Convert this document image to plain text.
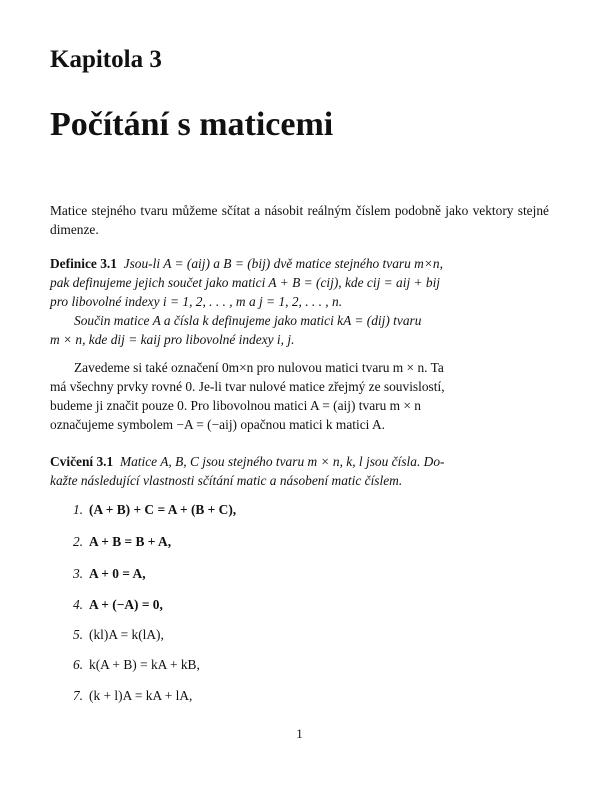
Kapitola 3
Počítání s maticemi
Matice stejného tvaru můžeme sčítat a násobit reálným číslem podobně jako vektory stejné dimenze.
Definice 3.1 Jsou-li A = (aij) a B = (bij) dvě matice stejného tvaru m×n,
pak definujeme jejich součet jako matici A + B = (cij), kde cij = aij + bij
pro libovolné indexy i = 1, 2, . . . , m a j = 1, 2, . . . , n.
Součin matice A a čísla k definujeme jako matici kA = (dij) tvaru
m × n, kde dij = kaij pro libovolné indexy i, j.
Zavedeme si také označení 0m×n pro nulovou matici tvaru m × n. Ta
má všechny prvky rovné 0. Je-li tvar nulové matice zřejmý ze souvislostí,
budeme ji značit pouze 0. Pro libovolnou matici A = (aij) tvaru m × n
označujeme symbolem −A = (−aij) opačnou matici k matici A.
Cvičení 3.1 Matice A, B, C jsou stejného tvaru m × n, k, l jsou čísla. Do-
kažte následující vlastnosti sčítání matic a násobení matic číslem.
1. (A + B) + C = A + (B + C),
2. A + B = B + A,
3. A + 0 = A,
4. A + (−A) = 0,
5. (kl)A = k(lA),
6. k(A + B) = kA + kB,
7. (k + l)A = kA + lA,
1
